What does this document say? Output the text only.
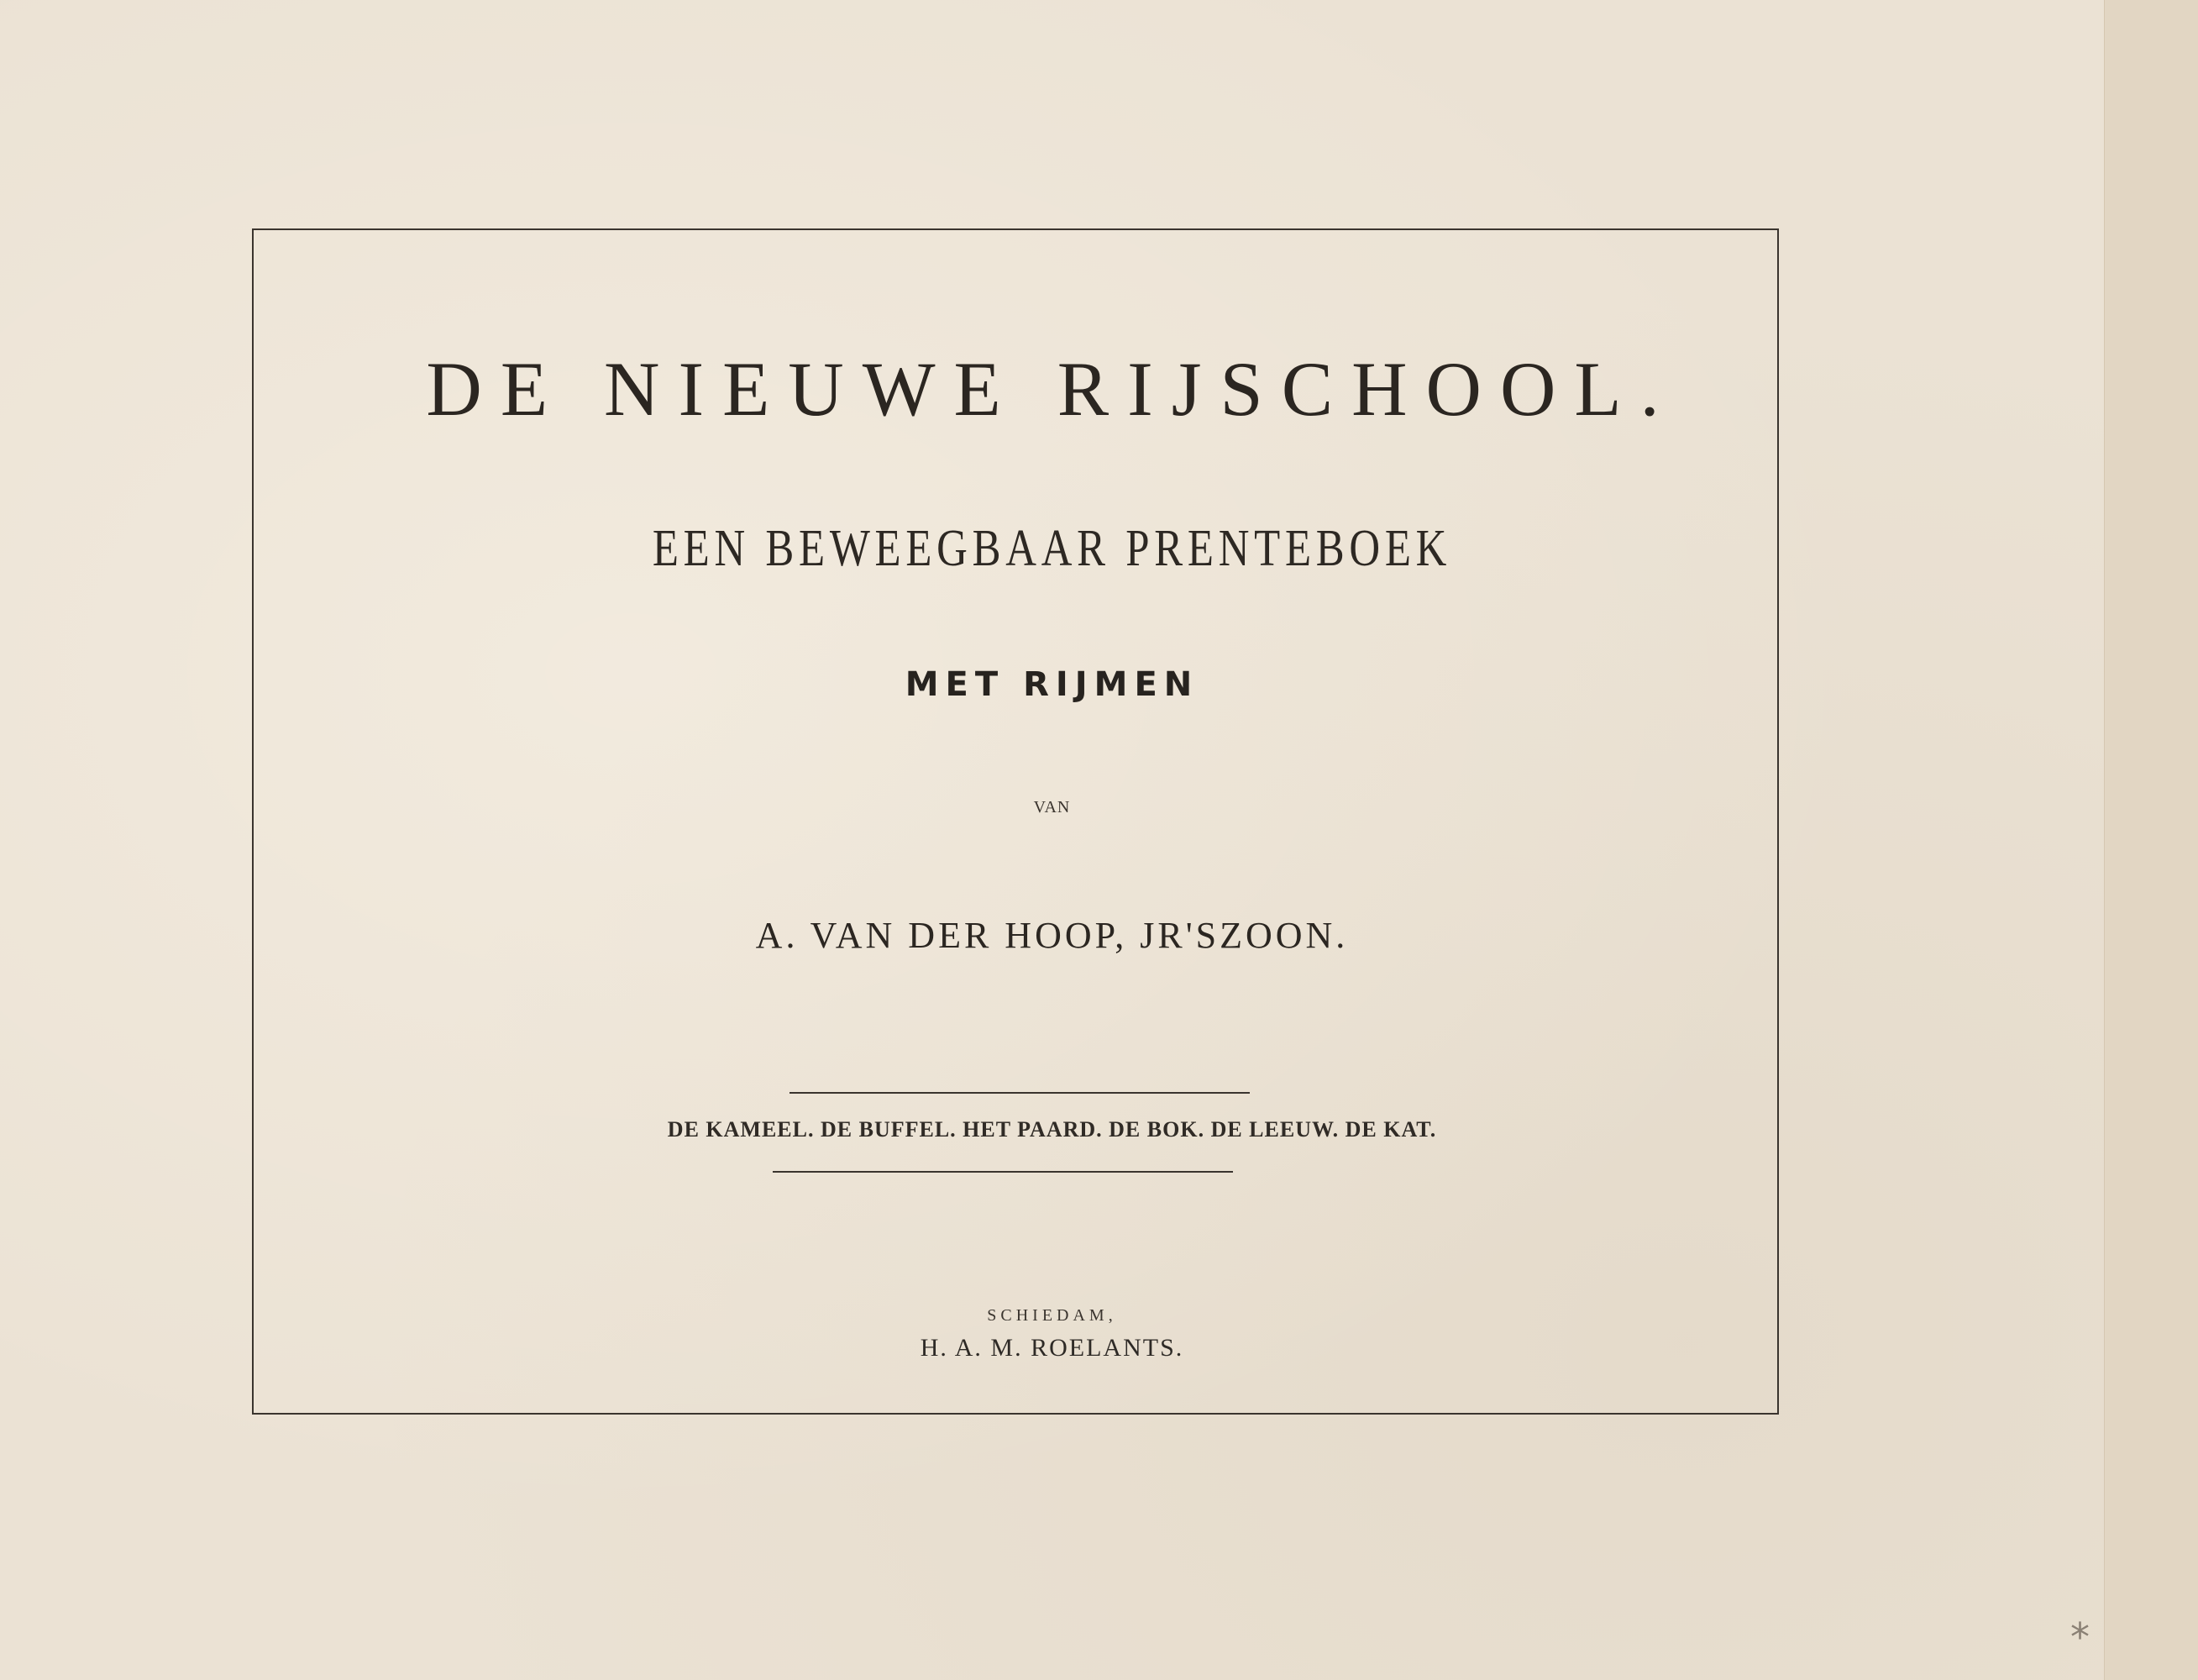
DE NIEUWE RIJSCHOOL.
EEN BEWEEGBAAR PRENTEBOEK
MET RIJMEN
VAN
A. VAN DER HOOP, JR'SZOON.
DE KAMEEL. DE BUFFEL. HET PAARD. DE BOK. DE LEEUW. DE KAT.
SCHIEDAM,
H. A. M. ROELANTS.
*
